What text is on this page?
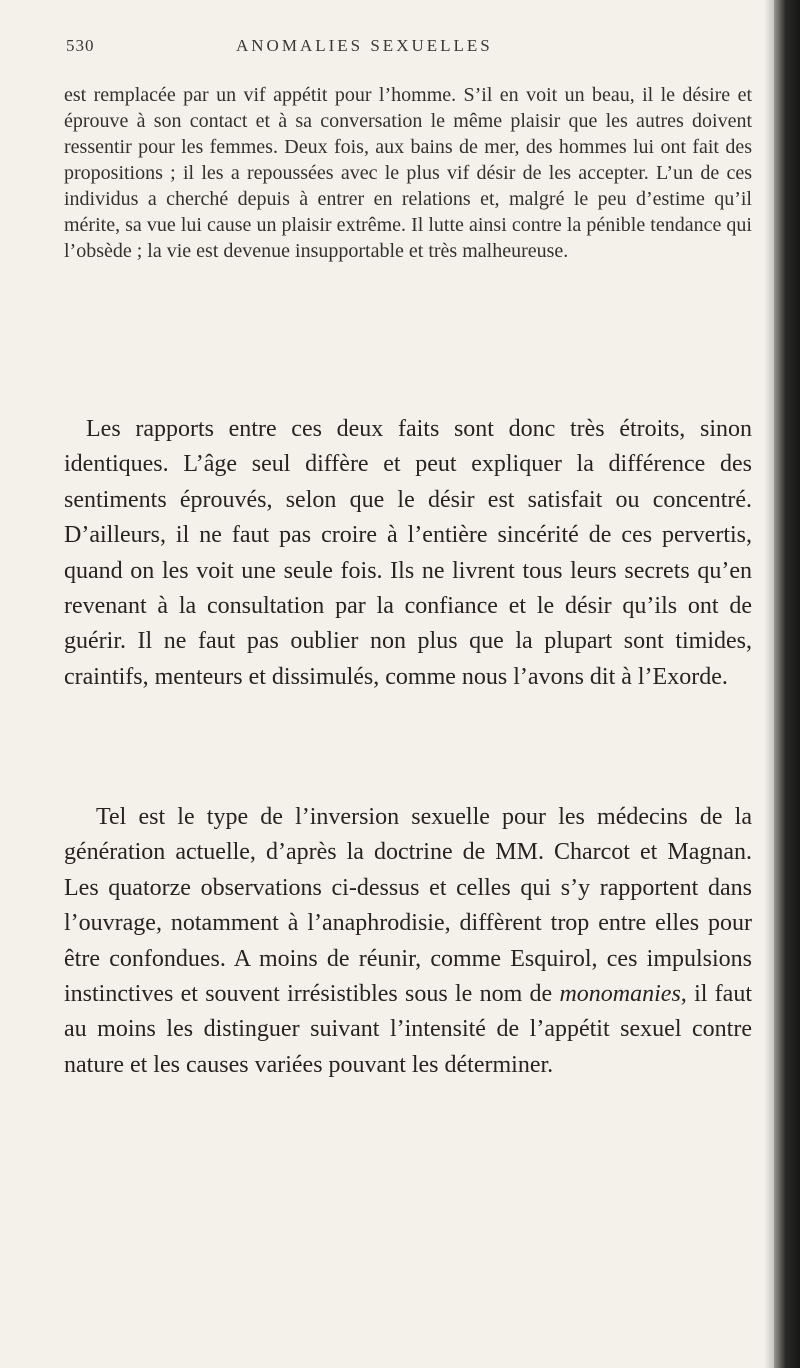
530	ANOMALIES SEXUELLES

est remplacée par un vif appétit pour l’homme. S’il en voit un beau, il le désire et éprouve à son contact et à sa conversation le même plaisir que les autres doivent ressentir pour les femmes. Deux fois, aux bains de mer, des hommes lui ont fait des propositions ; il les a repoussées avec le plus vif désir de les accepter. L’un de ces individus a cherché depuis à entrer en relations et, malgré le peu d’estime qu’il mérite, sa vue lui cause un plaisir extrême. Il lutte ainsi contre la pénible tendance qui l’obsède ; la vie est devenue insupportable et très malheureuse.

Les rapports entre ces deux faits sont donc très étroits, sinon identiques. L’âge seul diffère et peut expliquer la différence des sentiments éprouvés, selon que le désir est satisfait ou concentré. D’ailleurs, il ne faut pas croire à l’entière sincérité de ces pervertis, quand on les voit une seule fois. Ils ne livrent tous leurs secrets qu’en revenant à la consultation par la confiance et le désir qu’ils ont de guérir. Il ne faut pas oublier non plus que la plupart sont timides, craintifs, menteurs et dissimulés, comme nous l’avons dit à l’Exorde.

Tel est le type de l’inversion sexuelle pour les médecins de la génération actuelle, d’après la doctrine de MM. Charcot et Magnan. Les quatorze observations ci-dessus et celles qui s’y rapportent dans l’ouvrage, notamment à l’anaphrodisie, diffèrent trop entre elles pour être confondues. A moins de réunir, comme Esquirol, ces impulsions instinctives et souvent irrésistibles sous le nom de monomanies, il faut au moins les distinguer suivant l’intensité de l’appétit sexuel contre nature et les causes variées pouvant les déterminer.
